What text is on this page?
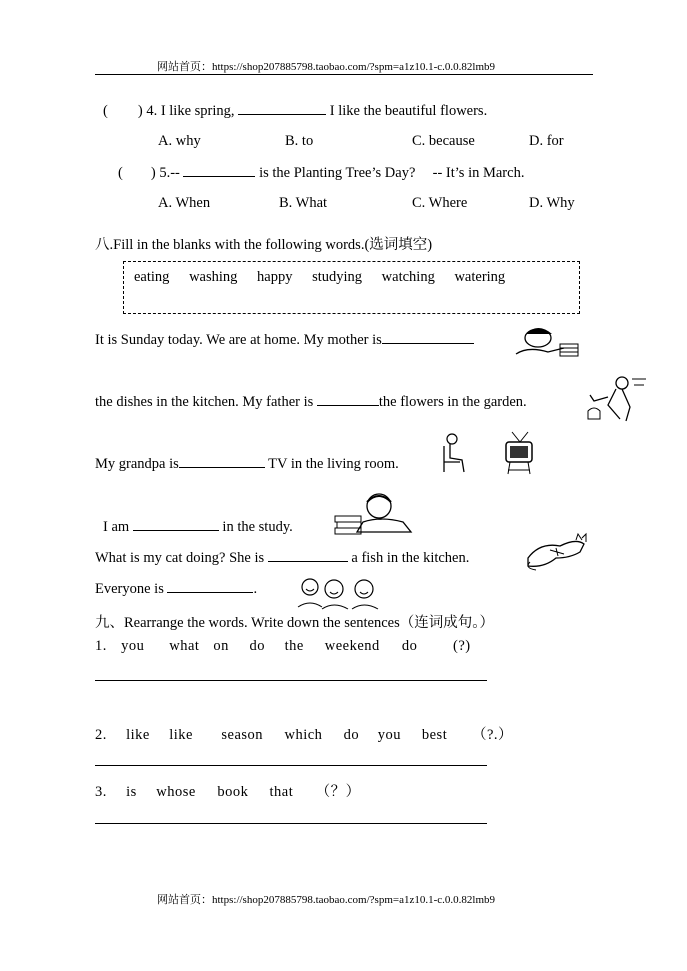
网站首页：https://shop207885798.taobao.com/?spm=a1z10.1-c.0.0.82lmb9
( ) 4. I like spring,	I like the beautiful flowers.
A. why	B. to	C. because	D. for
( ) 5.--	is the Planting Tree’s Day? -- It’s in March.
A. When	B. What	C. Where	D. Why
八.Fill in the blanks with the following words.(选词填空)
eating washing happy studying watching watering
It is Sunday today. We are at home. My mother is
the dishes in the kitchen. My father is	the flowers in the garden.
My grandpa is	TV in the living room.
I am	in the study.
What is my cat doing? She is	a fish in the kitchen.
Everyone is	.
九、Rearrange the words. Write down the sentences（连词成句。）
1. you what on do the weekend do (?)
2. like like season which do you best （?.）
3. is whose book that （？）
网站首页：https://shop207885798.taobao.com/?spm=a1z10.1-c.0.0.82lmb9
